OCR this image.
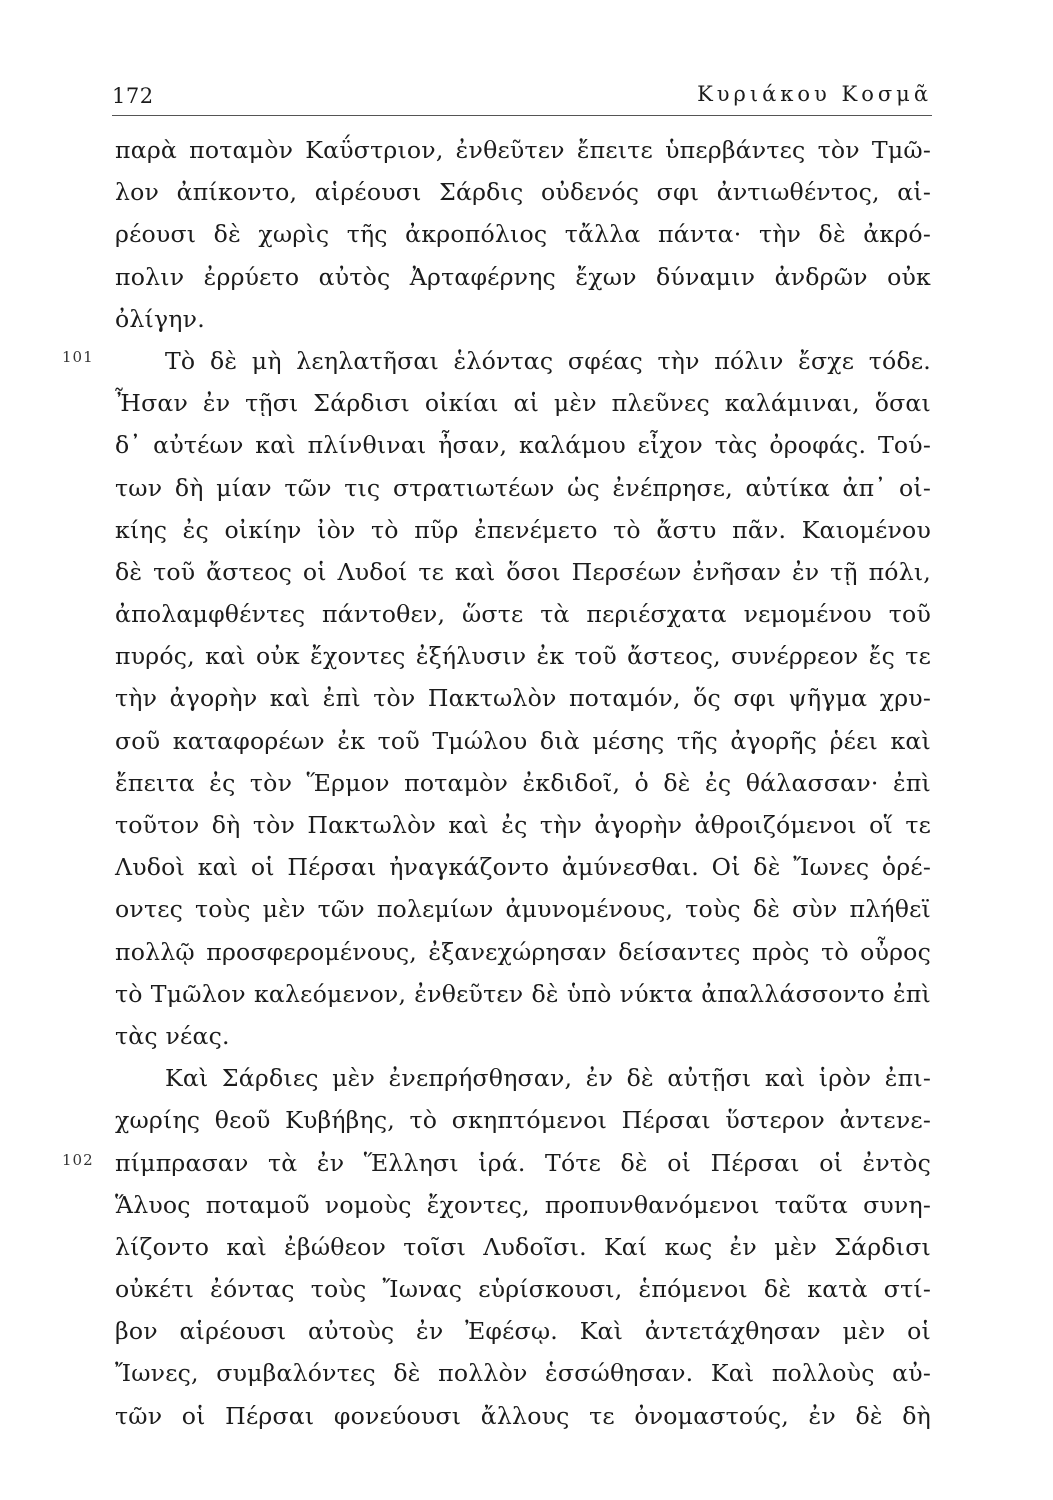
172	Κυριάκου Κοσμᾶ
101
102
παρὰ ποταμὸν Καΰστριον, ἐνθεῦτεν ἔπειτε ὑπερβάντες τὸν Τμῶ-
λον ἀπίκοντο, αἱρέουσι Σάρδις οὐδενός σφι ἀντιωθέντος, αἱ-
ρέουσι δὲ χωρὶς τῆς ἀκροπόλιος τἄλλα πάντα· τὴν δὲ ἀκρό-
πολιν ἐρρύετο αὐτὸς Ἀρταφέρνης ἔχων δύναμιν ἀνδρῶν οὐκ
ὀλίγην.
Τὸ δὲ μὴ λεηλατῆσαι ἑλόντας σφέας τὴν πόλιν ἔσχε τόδε.
Ἦσαν ἐν τῇσι Σάρδισι οἰκίαι αἱ μὲν πλεῦνες καλάμιναι, ὅσαι
δ᾿ αὐτέων καὶ πλίνθιναι ἦσαν, καλάμου εἶχον τὰς ὀροφάς. Τού-
των δὴ μίαν τῶν τις στρατιωτέων ὡς ἐνέπρησε, αὐτίκα ἀπ᾿ οἰ-
κίης ἐς οἰκίην ἰὸν τὸ πῦρ ἐπενέμετο τὸ ἄστυ πᾶν. Καιομένου
δὲ τοῦ ἄστεος οἱ Λυδοί τε καὶ ὅσοι Περσέων ἐνῆσαν ἐν τῇ πόλι,
ἀπολαμφθέντες πάντοθεν, ὥστε τὰ περιέσχατα νεμομένου τοῦ
πυρός, καὶ οὐκ ἔχοντες ἐξήλυσιν ἐκ τοῦ ἄστεος, συνέρρεον ἔς τε
τὴν ἀγορὴν καὶ ἐπὶ τὸν Πακτωλὸν ποταμόν, ὅς σφι ψῆγμα χρυ-
σοῦ καταφορέων ἐκ τοῦ Τμώλου διὰ μέσης τῆς ἀγορῆς ῥέει καὶ
ἔπειτα ἐς τὸν Ἕρμον ποταμὸν ἐκδιδοῖ, ὁ δὲ ἐς θάλασσαν· ἐπὶ
τοῦτον δὴ τὸν Πακτωλὸν καὶ ἐς τὴν ἀγορὴν ἀθροιζόμενοι οἵ τε
Λυδοὶ καὶ οἱ Πέρσαι ἠναγκάζοντο ἀμύνεσθαι. Οἱ δὲ Ἴωνες ὁρέ-
οντες τοὺς μὲν τῶν πολεμίων ἀμυνομένους, τοὺς δὲ σὺν πλήθεϊ
πολλῷ προσφερομένους, ἐξανεχώρησαν δείσαντες πρὸς τὸ οὖρος
τὸ Τμῶλον καλεόμενον, ἐνθεῦτεν δὲ ὑπὸ νύκτα ἀπαλλάσσοντο ἐπὶ
τὰς νέας.
Καὶ Σάρδιες μὲν ἐνεπρήσθησαν, ἐν δὲ αὐτῇσι καὶ ἱρὸν ἐπι-
χωρίης θεοῦ Κυβήβης, τὸ σκηπτόμενοι Πέρσαι ὕστερον ἀντενε-
πίμπρασαν τὰ ἐν Ἕλλησι ἱρά. Τότε δὲ οἱ Πέρσαι οἱ ἐντὸς
Ἅλυος ποταμοῦ νομοὺς ἔχοντες, προπυνθανόμενοι ταῦτα συνη-
λίζοντο καὶ ἐβώθεον τοῖσι Λυδοῖσι. Καί κως ἐν μὲν Σάρδισι
οὐκέτι ἐόντας τοὺς Ἴωνας εὑρίσκουσι, ἑπόμενοι δὲ κατὰ στί-
βον αἱρέουσι αὐτοὺς ἐν Ἐφέσῳ. Καὶ ἀντετάχθησαν μὲν οἱ
Ἴωνες, συμβαλόντες δὲ πολλὸν ἑσσώθησαν. Καὶ πολλοὺς αὐ-
τῶν οἱ Πέρσαι φονεύουσι ἄλλους τε ὀνομαστούς, ἐν δὲ δὴ
